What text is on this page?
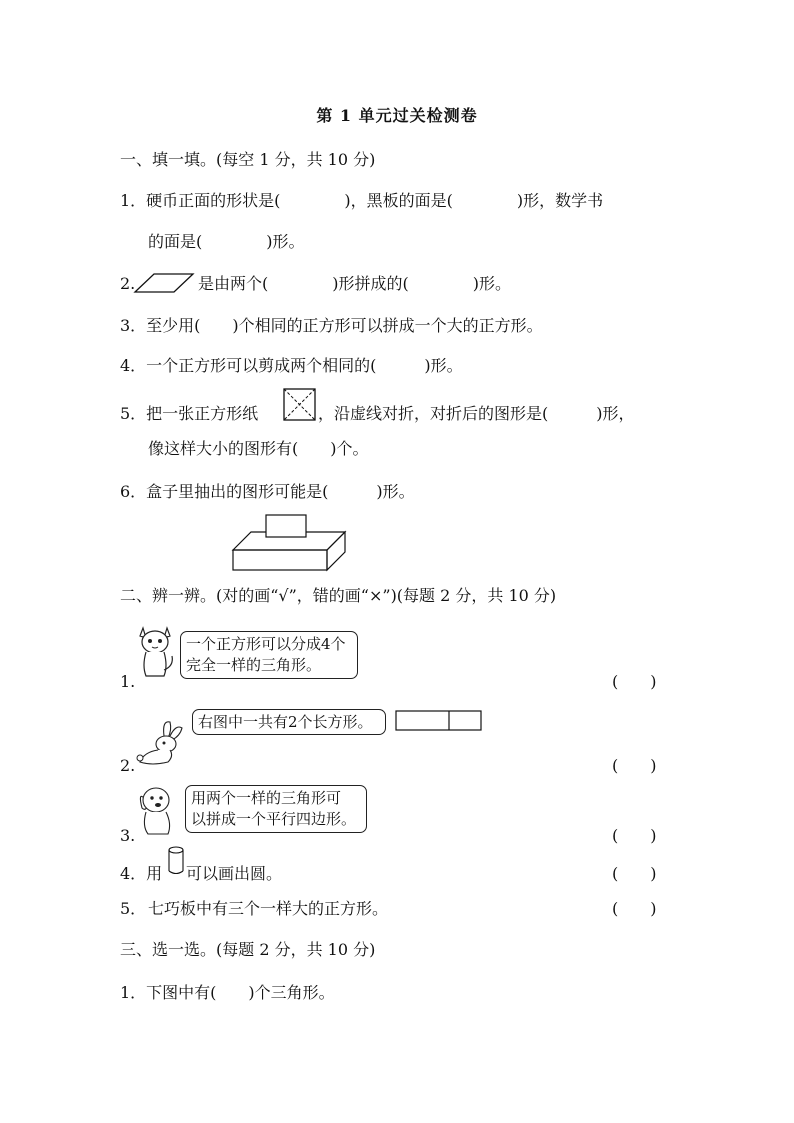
第 1 单元过关检测卷
一、填一填。(每空 1 分，共 10 分)
1．硬币正面的形状是(　　　　)，黑板的面是(　　　　)形，数学书
的面是(　　　　)形。
2.	是由两个(　　　　)形拼成的(　　　　)形。
3．至少用(　　)个相同的正方形可以拼成一个大的正方形。
4．一个正方形可以剪成两个相同的(　　　)形。
5．把一张正方形纸	，沿虚线对折，对折后的图形是(　　　)形，
像这样大小的图形有(　　)个。
6．盒子里抽出的图形可能是(　　　)形。
二、辨一辨。(对的画“√”，错的画“×”)(每题 2 分，共 10 分)
一个正方形可以分成4个
完全一样的三角形。
1.	(　　)
右图中一共有2个长方形。
2.	(　　)
用两个一样的三角形可
以拼成一个平行四边形。
3.	(　　)
4．用 可以画出圆。	(　　)
5． 七巧板中有三个一样大的正方形。	(　　)
三、选一选。(每题 2 分，共 10 分)
1．下图中有(　　)个三角形。
